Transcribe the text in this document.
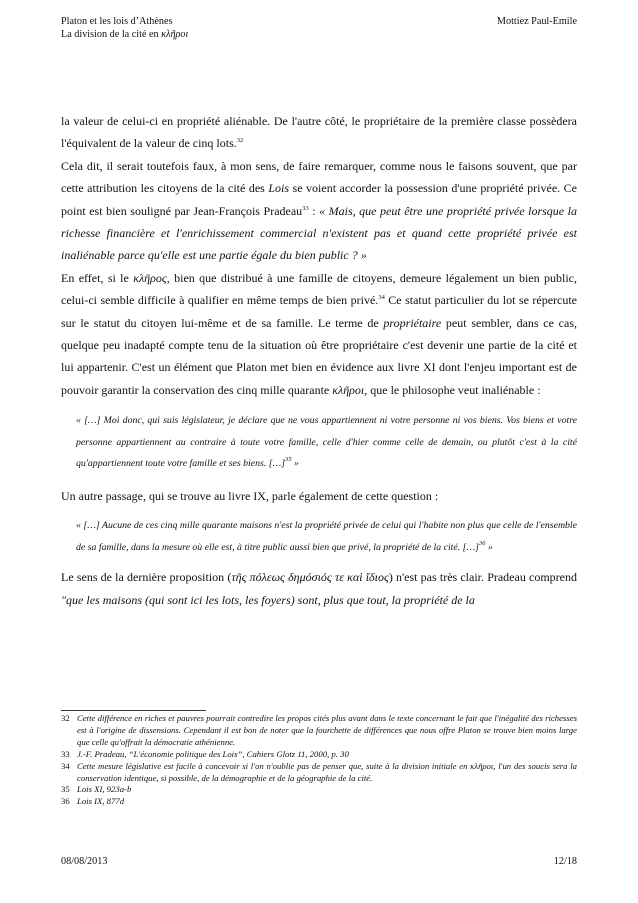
Platon et les lois d’Athènes
La division de la cité en κλῆροι
Mottiez Paul-Emile

la valeur de celui-ci en propriété aliénable. De l'autre côté, le propriétaire de la première classe possèdera l'équivalent de la valeur de cinq lots.$^{32}$

Cela dit, il serait toutefois faux, à mon sens, de faire remarquer, comme nous le faisons souvent, que par cette attribution les citoyens de la cité des Lois se voient accorder la possession d'une propriété privée. Ce point est bien souligné par Jean-François Pradeau$^{33}$ : « Mais, que peut être une propriété privée lorsque la richesse financière et l'enrichissement commercial n'existent pas et quand cette propriété privée est inaliénable parce qu'elle est une partie égale du bien public ? »

En effet, si le κλῆρος, bien que distribué à une famille de citoyens, demeure légalement un bien public, celui-ci semble difficile à qualifier en même temps de bien privé.$^{34}$ Ce statut particulier du lot se répercute sur le statut du citoyen lui-même et de sa famille. Le terme de propriétaire peut sembler, dans ce cas, quelque peu inadapté compte tenu de la situation où être propriétaire c'est devenir une partie de la cité et lui appartenir. C'est un élément que Platon met bien en évidence aux livre XI dont l'enjeu important est de pouvoir garantir la conservation des cinq mille quarante κλῆροι, que le philosophe veut inaliénable :

« […] Moi donc, qui suis législateur, je déclare que ne vous appartiennent ni votre personne ni vos biens. Vos biens et votre personne appartiennent au contraire à toute votre famille, celle d'hier comme celle de demain, ou plutôt c'est à la cité qu'appartiennent toute votre famille et ses biens. […]$^{35}$ »

Un autre passage, qui se trouve au livre IX, parle également de cette question :

« […] Aucune de ces cinq mille quarante maisons n'est la propriété privée de celui qui l'habite non plus que celle de l'ensemble de sa famille, dans la mesure où elle est, à titre public aussi bien que privé, la propriété de la cité. […]$^{36}$ »

Le sens de la dernière proposition (τῆς πόλεως δημόσιός τε καὶ ἴδιος) n'est pas très clair. Pradeau comprend "que les maisons (qui sont ici les lots, les foyers) sont, plus que tout, la propriété de la

32 Cette différence en riches et pauvres pourrait contredire les propos cités plus avant dans le texte concernant le fait que l'inégalité des richesses est à l'origine de dissensions. Cependant il est bon de noter que la fourchette de différences que nous offre Platon se trouve bien moins large que celle qu'offrait la démocratie athénienne.
33 J.-F. Pradeau, “L'économie politique des Lois”, Cahiers Glotz 11, 2000, p. 30
34 Cette mesure législative est facile à concevoir si l'on n'oublie pas de penser que, suite à la division initiale en κλῆροι, l'un des soucis sera la conservation identique, si possible, de la démographie et de la géographie de la cité.
35 Lois XI, 923a-b
36 Lois IX, 877d
08/08/2013	12/18
